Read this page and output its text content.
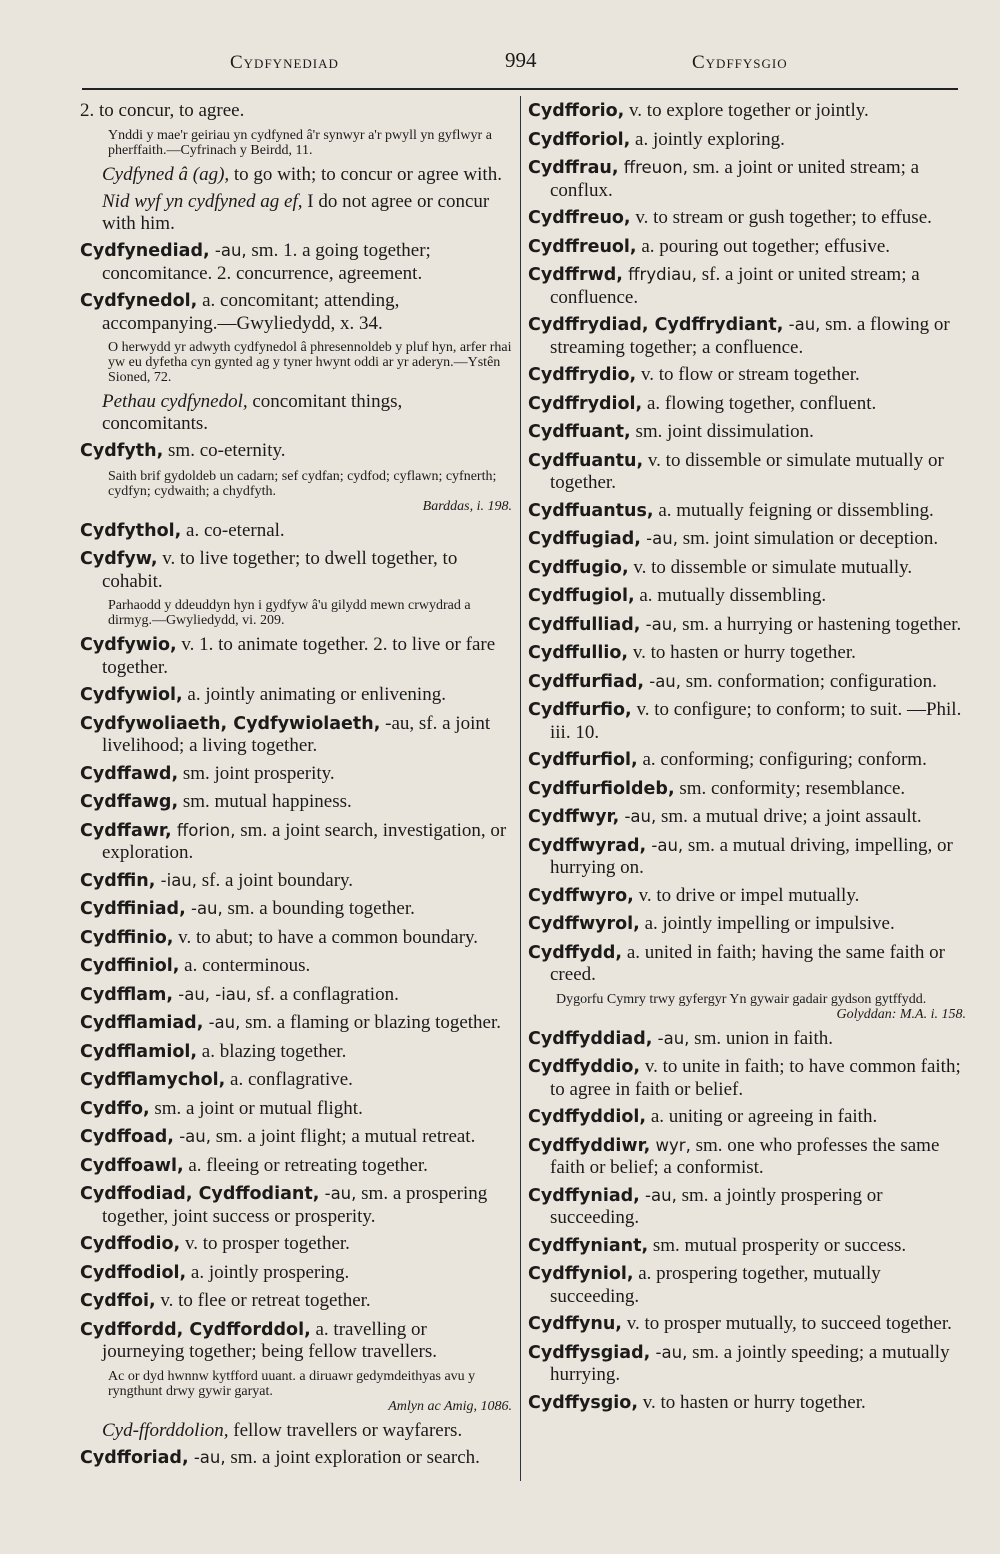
Cydfynediad	994	Cydffysgio
2. to concur, to agree.
Ynddi y mae'r geiriau yn cydfyned â'r synwyr a'r pwyll yn gyflwyr a pherffaith.—Cyfrinach y Beirdd, 11.
Cydfyned â (ag), to go with; to concur or agree with.
Nid wyf yn cydfyned ag ef, I do not agree or concur with him.
Cydfynediad, -au, sm. 1. a going together; concomitance. 2. concurrence, agreement.
Cydfynedol, a. concomitant; attending, accompanying.—Gwyliedydd, x. 34.
O herwydd yr adwyth cydfynedol â phresennoldeb y pluf hyn, arfer rhai yw eu dyfetha cyn gynted ag y tyner hwynt oddi ar yr aderyn.—Ystên Sioned, 72.
Pethau cydfynedol, concomitant things, concomitants.
Cydfyth, sm. co-eternity.
Saith brif gydoldeb un cadarn; sef cydfan; cydfod; cyflawn; cyfnerth; cydfyn; cydwaith; a chydfyth.
Barddas, i. 198.
Cydfythol, a. co-eternal.
Cydfyw, v. to live together; to dwell together, to cohabit.
Parhaodd y ddeuddyn hyn i gydfyw â'u gilydd mewn crwydrad a dirmyg.—Gwyliedydd, vi. 209.
Cydfywio, v. 1. to animate together. 2. to live or fare together.
Cydfywiol, a. jointly animating or enlivening.
Cydfywoliaeth, Cydfywiolaeth, -au, sf. a joint livelihood; a living together.
Cydffawd, sm. joint prosperity.
Cydffawg, sm. mutual happiness.
Cydffawr, fforion, sm. a joint search, investigation, or exploration.
Cydffin, -iau, sf. a joint boundary.
Cydffiniad, -au, sm. a bounding together.
Cydffinio, v. to abut; to have a common boundary.
Cydffiniol, a. conterminous.
Cydfflam, -au, -iau, sf. a conflagration.
Cydfflamiad, -au, sm. a flaming or blazing together.
Cydfflamiol, a. blazing together.
Cydfflamychol, a. conflagrative.
Cydffo, sm. a joint or mutual flight.
Cydffoad, -au, sm. a joint flight; a mutual retreat.
Cydffoawl, a. fleeing or retreating together.
Cydffodiad, Cydffodiant, -au, sm. a prospering together, joint success or prosperity.
Cydffodio, v. to prosper together.
Cydffodiol, a. jointly prospering.
Cydffoi, v. to flee or retreat together.
Cydffordd, Cydfforddol, a. travelling or journeying together; being fellow travellers.
Ac or dyd hwnnw kytfford uuant. a diruawr gedymdeithyas avu y ryngthunt drwy gywir garyat.
Amlyn ac Amig, 1086.
Cyd-fforddolion, fellow travellers or wayfarers.
Cydfforiad, -au, sm. a joint exploration or search.
Cydfforio, v. to explore together or jointly.
Cydfforiol, a. jointly exploring.
Cydffrau, ffreuon, sm. a joint or united stream; a conflux.
Cydffreuo, v. to stream or gush together; to effuse.
Cydffreuol, a. pouring out together; effusive.
Cydffrwd, ffrydiau, sf. a joint or united stream; a confluence.
Cydffrydiad, Cydffrydiant, -au, sm. a flowing or streaming together; a confluence.
Cydffrydio, v. to flow or stream together.
Cydffrydiol, a. flowing together, confluent.
Cydffuant, sm. joint dissimulation.
Cydffuantu, v. to dissemble or simulate mutually or together.
Cydffuantus, a. mutually feigning or dissembling.
Cydffugiad, -au, sm. joint simulation or deception.
Cydffugio, v. to dissemble or simulate mutually.
Cydffugiol, a. mutually dissembling.
Cydffulliad, -au, sm. a hurrying or hastening together.
Cydffullio, v. to hasten or hurry together.
Cydffurfiad, -au, sm. conformation; configuration.
Cydffurfio, v. to configure; to conform; to suit. —Phil. iii. 10.
Cydffurfiol, a. conforming; configuring; conform.
Cydffurfioldeb, sm. conformity; resemblance.
Cydffwyr, -au, sm. a mutual drive; a joint assault.
Cydffwyrad, -au, sm. a mutual driving, impelling, or hurrying on.
Cydffwyro, v. to drive or impel mutually.
Cydffwyrol, a. jointly impelling or impulsive.
Cydffydd, a. united in faith; having the same faith or creed.
Dygorfu Cymry trwy gyfergyr Yn gywair gadair gydson gytffydd.
Golyddan: M.A. i. 158.
Cydffyddiad, -au, sm. union in faith.
Cydffyddio, v. to unite in faith; to have common faith; to agree in faith or belief.
Cydffyddiol, a. uniting or agreeing in faith.
Cydffyddiwr, wyr, sm. one who professes the same faith or belief; a conformist.
Cydffyniad, -au, sm. a jointly prospering or succeeding.
Cydffyniant, sm. mutual prosperity or success.
Cydffyniol, a. prospering together, mutually succeeding.
Cydffynu, v. to prosper mutually, to succeed together.
Cydffysgiad, -au, sm. a jointly speeding; a mutually hurrying.
Cydffysgio, v. to hasten or hurry together.
